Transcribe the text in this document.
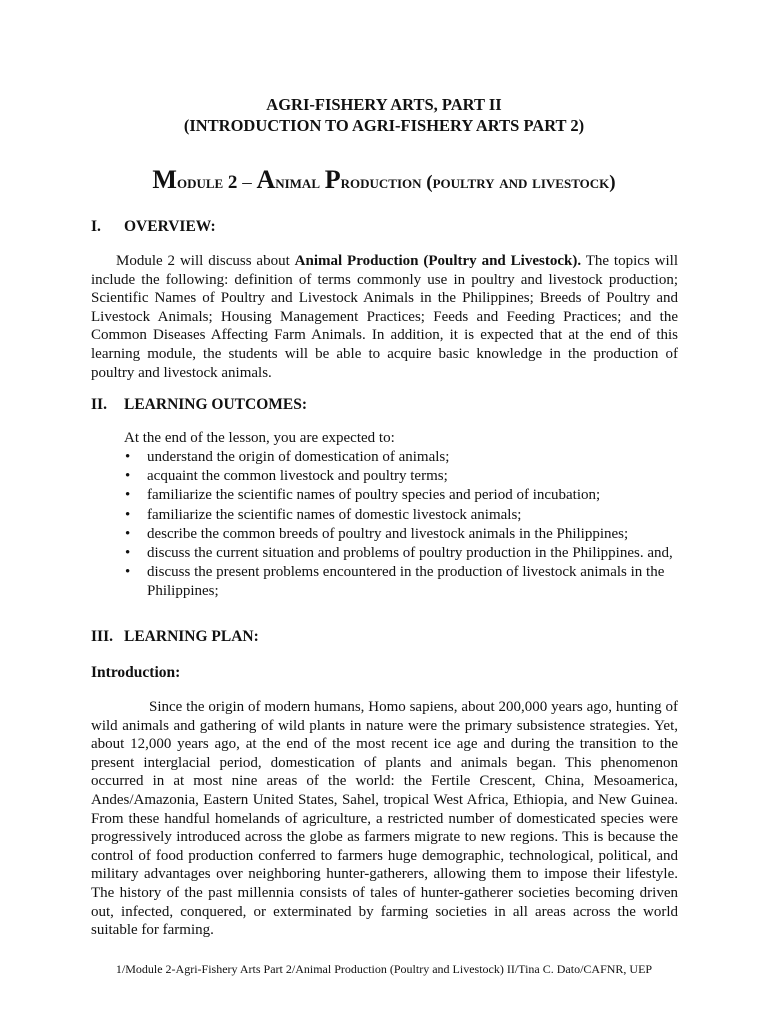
AGRI-FISHERY ARTS, PART II
(INTRODUCTION TO AGRI-FISHERY ARTS PART 2)
Module 2 – Animal Production (poultry and livestock)
I. OVERVIEW:

Module 2 will discuss about Animal Production (Poultry and Livestock). The topics will include the following: definition of terms commonly use in poultry and livestock production; Scientific Names of Poultry and Livestock Animals in the Philippines; Breeds of Poultry and Livestock Animals; Housing Management Practices; Feeds and Feeding Practices; and the Common Diseases Affecting Farm Animals. In addition, it is expected that at the end of this learning module, the students will be able to acquire basic knowledge in the production of poultry and livestock animals.

II. LEARNING OUTCOMES:
At the end of the lesson, you are expected to:
• understand the origin of domestication of animals;
• acquaint the common livestock and poultry terms;
• familiarize the scientific names of poultry species and period of incubation;
• familiarize the scientific names of domestic livestock animals;
• describe the common breeds of poultry and livestock animals in the Philippines;
• discuss the current situation and problems of poultry production in the Philippines. and,
• discuss the present problems encountered in the production of livestock animals in the Philippines;
III. LEARNING PLAN:
Introduction:

Since the origin of modern humans, Homo sapiens, about 200,000 years ago, hunting of wild animals and gathering of wild plants in nature were the primary subsistence strategies. Yet, about 12,000 years ago, at the end of the most recent ice age and during the transition to the present interglacial period, domestication of plants and animals began. This phenomenon occurred in at most nine areas of the world: the Fertile Crescent, China, Mesoamerica, Andes/Amazonia, Eastern United States, Sahel, tropical West Africa, Ethiopia, and New Guinea. From these handful homelands of agriculture, a restricted number of domesticated species were progressively introduced across the globe as farmers migrate to new regions. This is because the control of food production conferred to farmers huge demographic, technological, political, and military advantages over neighboring hunter-gatherers, allowing them to impose their lifestyle. The history of the past millennia consists of tales of hunter-gatherer societies becoming driven out, infected, conquered, or exterminated by farming societies in all areas across the world suitable for farming.

1/Module 2-Agri-Fishery Arts Part 2/Animal Production (Poultry and Livestock) II/Tina C. Dato/CAFNR, UEP
